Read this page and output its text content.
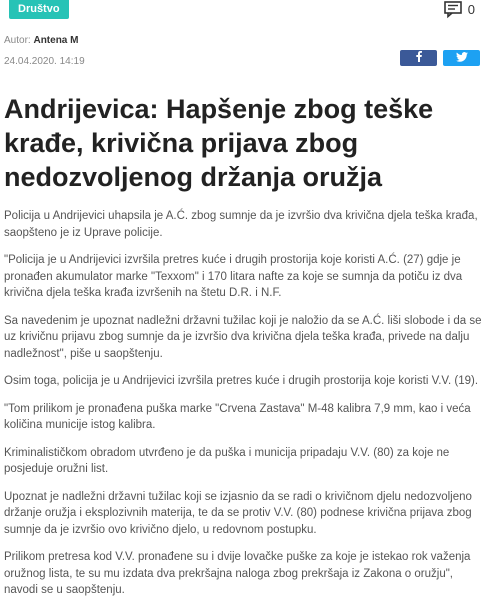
Društvo	0
Autor: Antena M
24.04.2020. 14:19
Andrijevica: Hapšenje zbog teške krađe, krivična prijava zbog nedozvoljenog držanja oružja

Policija u Andrijevici uhapsila je A.Ć. zbog sumnje da je izvršio dva krivična djela teška krađa, saopšteno je iz Uprave policije.

"Policija je u Andrijevici izvršila pretres kuće i drugih prostorija koje koristi A.Ć. (27) gdje je pronađen akumulator marke "Texxom" i 170 litara nafte za koje se sumnja da potiču iz dva krivična djela teška krađa izvršenih na štetu D.R. i N.F.

Sa navedenim je upoznat nadležni državni tužilac koji je naložio da se A.Ć. liši slobode i da se uz krivičnu prijavu zbog sumnje da je izvršio dva krivična djela teška krađa, privede na dalju nadležnost", piše u saopštenju.

Osim toga, policija je u Andrijevici izvršila pretres kuće i drugih prostorija koje koristi V.V. (19).

"Tom prilikom je pronađena puška marke "Crvena Zastava" M-48 kalibra 7,9 mm, kao i veća količina municije istog kalibra.

Kriminalističkom obradom utvrđeno je da puška i municija pripadaju V.V. (80) za koje ne posjeduje oružni list.

Upoznat je nadležni državni tužilac koji se izjasnio da se radi o krivičnom djelu nedozvoljeno držanje oružja i eksplozivnih materija, te da se protiv V.V. (80) podnese krivična prijava zbog sumnje da je izvršio ovo krivično djelo, u redovnom postupku.

Prilikom pretresa kod V.V. pronađene su i dvije lovačke puške za koje je istekao rok važenja oružnog lista, te su mu izdata dva prekršajna naloga zbog prekršaja iz Zakona o oružju", navodi se u saopštenju.
